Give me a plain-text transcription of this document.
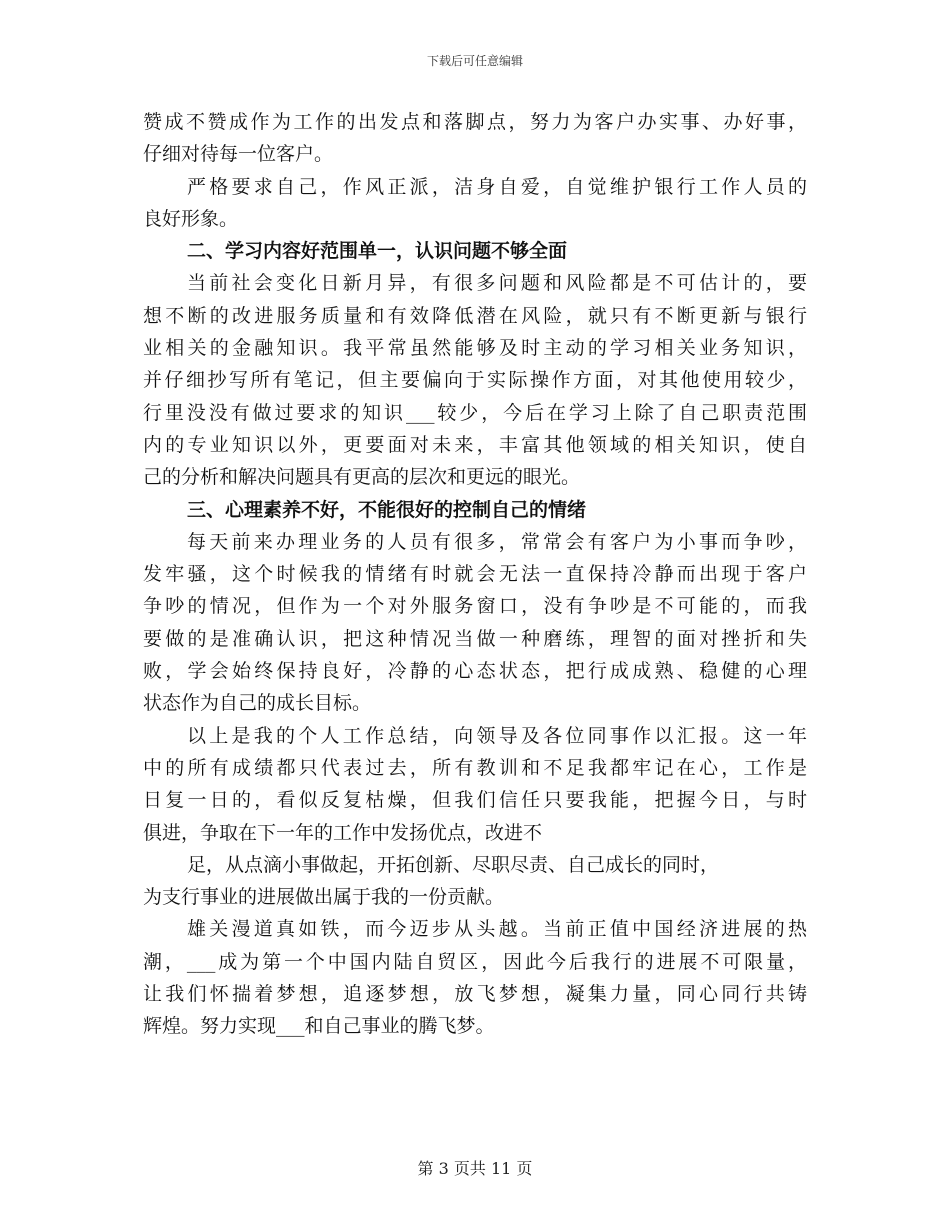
下载后可任意编辑
赞成不赞成作为工作的出发点和落脚点，努力为客户办实事、办好事，
仔细对待每一位客户。
严格要求自己，作风正派，洁身自爱，自觉维护银行工作人员的
良好形象。
二、学习内容好范围单一，认识问题不够全面
当前社会变化日新月异，有很多问题和风险都是不可估计的，要
想不断的改进服务质量和有效降低潜在风险，就只有不断更新与银行
业相关的金融知识。我平常虽然能够及时主动的学习相关业务知识，
并仔细抄写所有笔记，但主要偏向于实际操作方面，对其他使用较少，
行里没没有做过要求的知识___较少，今后在学习上除了自己职责范围
内的专业知识以外，更要面对未来，丰富其他领域的相关知识，使自
己的分析和解决问题具有更高的层次和更远的眼光。
三、心理素养不好，不能很好的控制自己的情绪
每天前来办理业务的人员有很多，常常会有客户为小事而争吵，
发牢骚，这个时候我的情绪有时就会无法一直保持冷静而出现于客户
争吵的情况，但作为一个对外服务窗口，没有争吵是不可能的，而我
要做的是准确认识，把这种情况当做一种磨练，理智的面对挫折和失
败，学会始终保持良好，冷静的心态状态，把行成成熟、稳健的心理
状态作为自己的成长目标。
以上是我的个人工作总结，向领导及各位同事作以汇报。这一年
中的所有成绩都只代表过去，所有教训和不足我都牢记在心，工作是
日复一日的，看似反复枯燥，但我们信任只要我能，把握今日，与时
俱进，争取在下一年的工作中发扬优点，改进不
足，从点滴小事做起，开拓创新、尽职尽责、自己成长的同时，
为支行事业的进展做出属于我的一份贡献。
雄关漫道真如铁，而今迈步从头越。当前正值中国经济进展的热
潮，___成为第一个中国内陆自贸区，因此今后我行的进展不可限量，
让我们怀揣着梦想，追逐梦想，放飞梦想，凝集力量，同心同行共铸
辉煌。努力实现___和自己事业的腾飞梦。
第 3 页共 11 页
